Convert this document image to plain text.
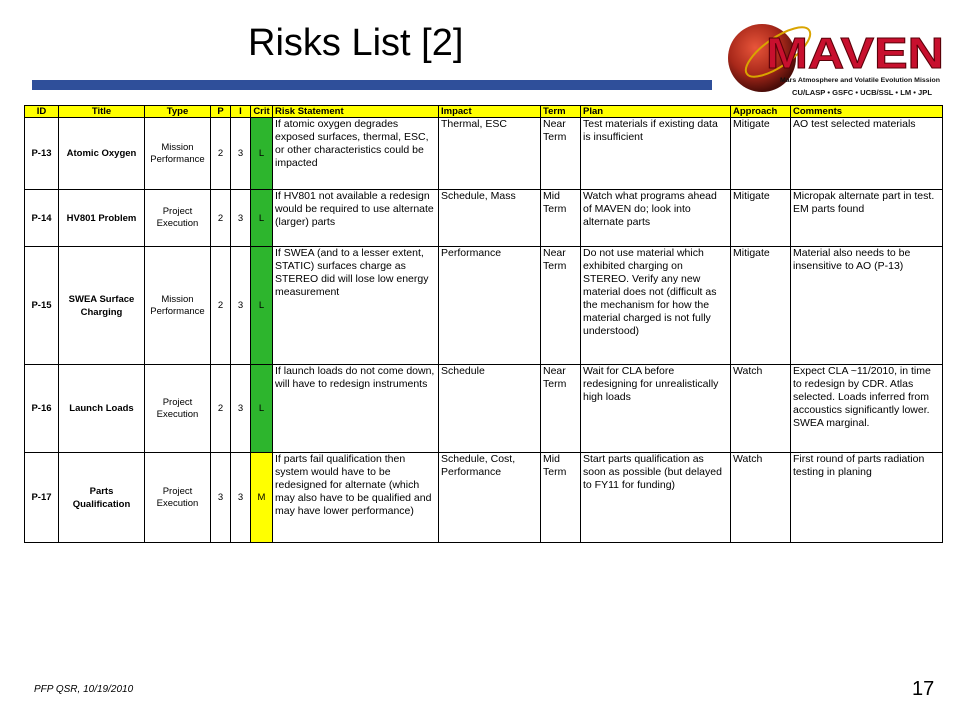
Risks List [2]	MAVEN
Mars Atmosphere and Volatile Evolution Mission
CU/LASP • GSFC • UCB/SSL • LM • JPL
ID	Title	Type	P	I	Crit	Risk Statement	Impact	Term	Plan	Approach	Comments
P-13	Atomic Oxygen	Mission Performance	2	3	L	If atomic oxygen degrades exposed surfaces, thermal, ESC, or other characteristics could be impacted	Thermal, ESC	Near Term	Test materials if existing data is insufficient	Mitigate	AO test selected materials
P-14	HV801 Problem	Project Execution	2	3	L	If HV801 not available a redesign would be required to use alternate (larger) parts	Schedule, Mass	Mid Term	Watch what programs ahead of MAVEN do; look into alternate parts	Mitigate	Micropak alternate part in test. EM parts found
P-15	SWEA Surface Charging	Mission Performance	2	3	L	If SWEA (and to a lesser extent, STATIC) surfaces charge as STEREO did will lose low energy measurement	Performance	Near Term	Do not use material which exhibited charging on STEREO. Verify any new material does not (difficult as the mechanism for how the material charged is not fully understood)	Mitigate	Material also needs to be insensitive to AO (P-13)
P-16	Launch Loads	Project Execution	2	3	L	If launch loads do not come down, will have to redesign instruments	Schedule	Near Term	Wait for CLA before redesigning for unrealistically high loads	Watch	Expect CLA ~11/2010, in time to redesign by CDR. Atlas selected. Loads inferred from accoustics significantly lower. SWEA marginal.
P-17	Parts Qualification	Project Execution	3	3	M	If parts fail qualification then system would have to be redesigned for alternate (which may also have to be qualified and may have lower performance)	Schedule, Cost, Performance	Mid Term	Start parts qualification as soon as possible (but delayed to FY11 for funding)	Watch	First round of parts radiation testing in planing
PFP QSR, 10/19/2010	17
